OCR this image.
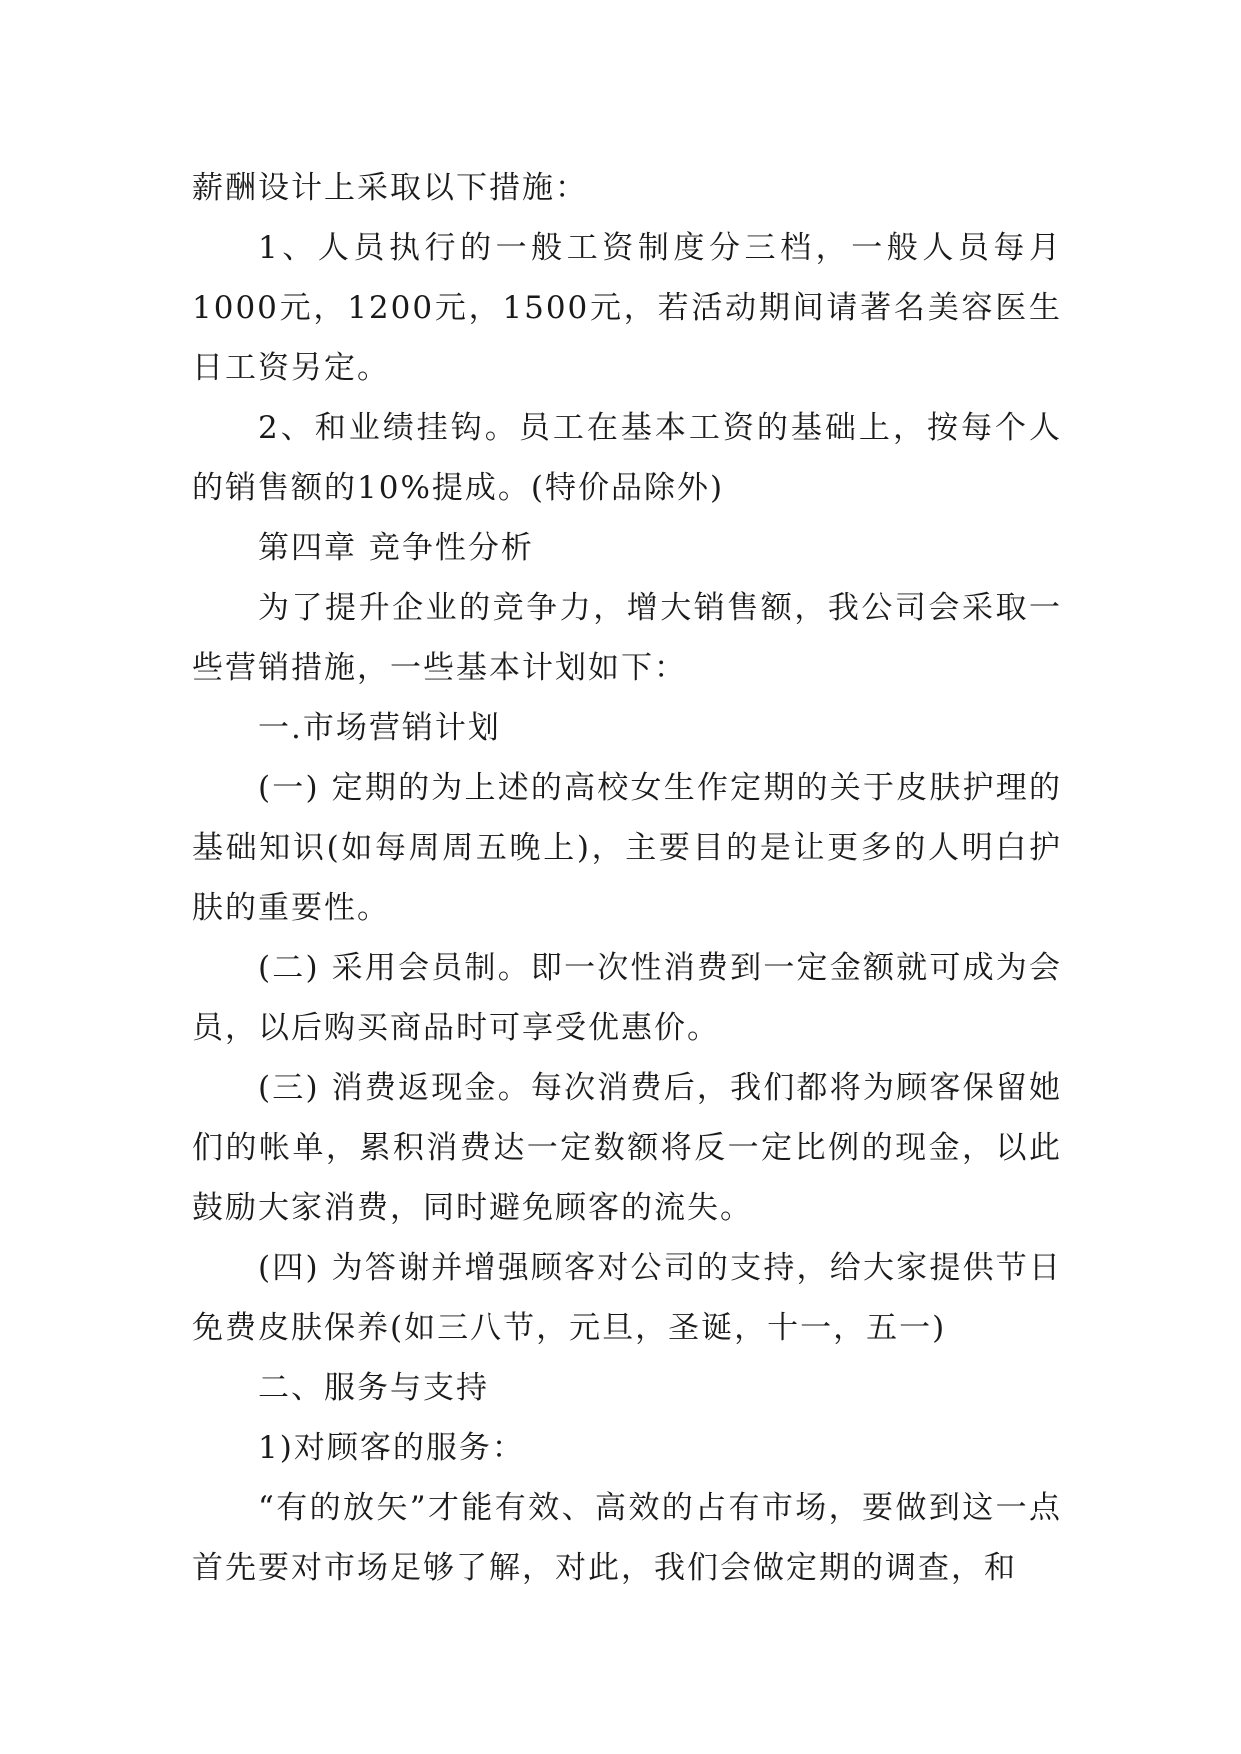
薪酬设计上采取以下措施：

1、人员执行的一般工资制度分三档，一般人员每月1000元，1200元，1500元，若活动期间请著名美容医生日工资另定。

2、和业绩挂钩。员工在基本工资的基础上，按每个人的销售额的10%提成。(特价品除外)

第四章 竞争性分析

为了提升企业的竞争力，增大销售额，我公司会采取一些营销措施，一些基本计划如下：

一.市场营销计划

(一) 定期的为上述的高校女生作定期的关于皮肤护理的基础知识(如每周周五晚上)，主要目的是让更多的人明白护肤的重要性。

(二) 采用会员制。即一次性消费到一定金额就可成为会员，以后购买商品时可享受优惠价。

(三) 消费返现金。每次消费后，我们都将为顾客保留她们的帐单，累积消费达一定数额将反一定比例的现金，以此鼓励大家消费，同时避免顾客的流失。

(四) 为答谢并增强顾客对公司的支持，给大家提供节日免费皮肤保养(如三八节，元旦，圣诞，十一，五一)

二、服务与支持

1)对顾客的服务：

“有的放矢”才能有效、高效的占有市场，要做到这一点首先要对市场足够了解，对此，我们会做定期的调查，和
